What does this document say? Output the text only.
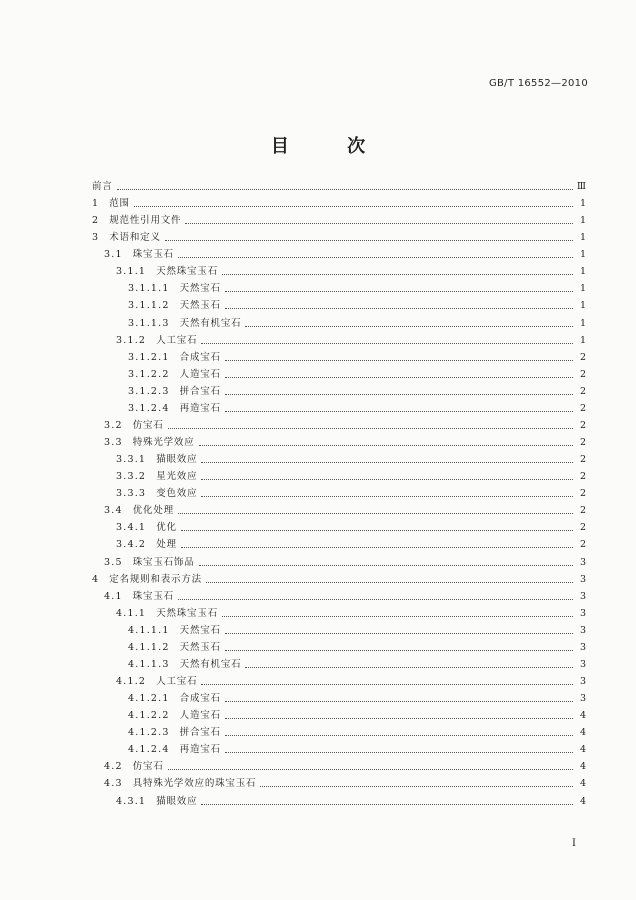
GB/T 16552—2010
目 次
前言	Ⅲ
1 范围	1
2 规范性引用文件	1
3 术语和定义	1
3.1 珠宝玉石	1
3.1.1 天然珠宝玉石	1
3.1.1.1 天然宝石	1
3.1.1.2 天然玉石	1
3.1.1.3 天然有机宝石	1
3.1.2 人工宝石	1
3.1.2.1 合成宝石	2
3.1.2.2 人造宝石	2
3.1.2.3 拼合宝石	2
3.1.2.4 再造宝石	2
3.2 仿宝石	2
3.3 特殊光学效应	2
3.3.1 猫眼效应	2
3.3.2 星光效应	2
3.3.3 变色效应	2
3.4 优化处理	2
3.4.1 优化	2
3.4.2 处理	2
3.5 珠宝玉石饰品	3
4 定名规则和表示方法	3
4.1 珠宝玉石	3
4.1.1 天然珠宝玉石	3
4.1.1.1 天然宝石	3
4.1.1.2 天然玉石	3
4.1.1.3 天然有机宝石	3
4.1.2 人工宝石	3
4.1.2.1 合成宝石	3
4.1.2.2 人造宝石	4
4.1.2.3 拼合宝石	4
4.1.2.4 再造宝石	4
4.2 仿宝石	4
4.3 具特殊光学效应的珠宝玉石	4
4.3.1 猫眼效应	4
I
